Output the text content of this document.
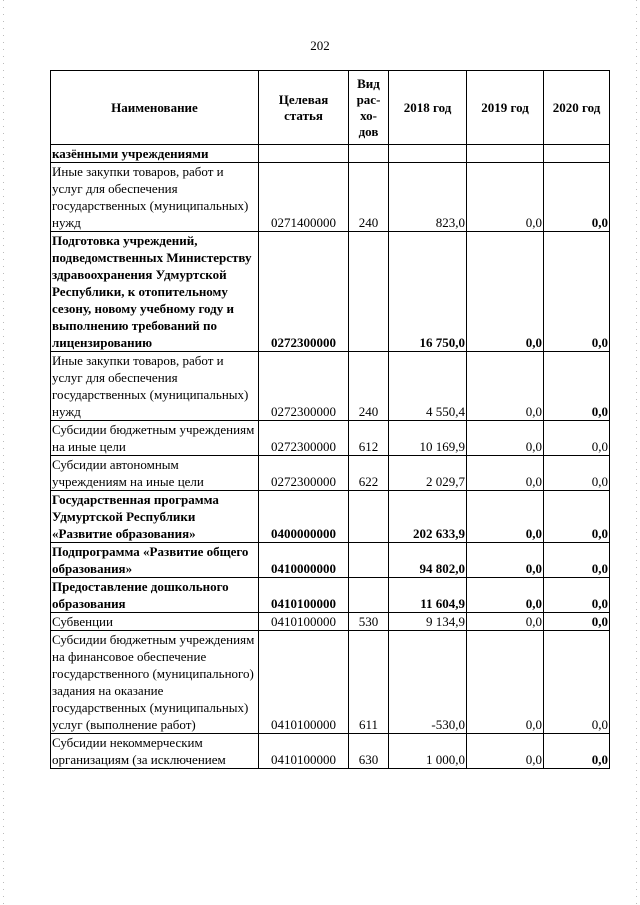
202
Наименование	Целевая статья	Вид рас-хо-дов	2018 год	2019 год	2020 год
казёнными учреждениями					
Иные закупки товаров, работ и услуг для обеспечения государственных (муниципальных) нужд	0271400000	240	823,0	0,0	0,0
Подготовка учреждений, подведомственных Министерству здравоохранения Удмуртской Республики, к отопительному сезону, новому учебному году и выполнению требований по лицензированию	0272300000		16 750,0	0,0	0,0
Иные закупки товаров, работ и услуг для обеспечения государственных (муниципальных) нужд	0272300000	240	4 550,4	0,0	0,0
Субсидии бюджетным учреждениям на иные цели	0272300000	612	10 169,9	0,0	0,0
Субсидии автономным учреждениям на иные цели	0272300000	622	2 029,7	0,0	0,0
Государственная программа Удмуртской Республики «Развитие образования»	0400000000		202 633,9	0,0	0,0
Подпрограмма «Развитие общего образования»	0410000000		94 802,0	0,0	0,0
Предоставление дошкольного образования	0410100000		11 604,9	0,0	0,0
Субвенции	0410100000	530	9 134,9	0,0	0,0
Субсидии бюджетным учреждениям на финансовое обеспечение государственного (муниципального) задания на оказание государственных (муниципальных) услуг (выполнение работ)	0410100000	611	-530,0	0,0	0,0
Субсидии некоммерческим организациям (за исключением	0410100000	630	1 000,0	0,0	0,0
